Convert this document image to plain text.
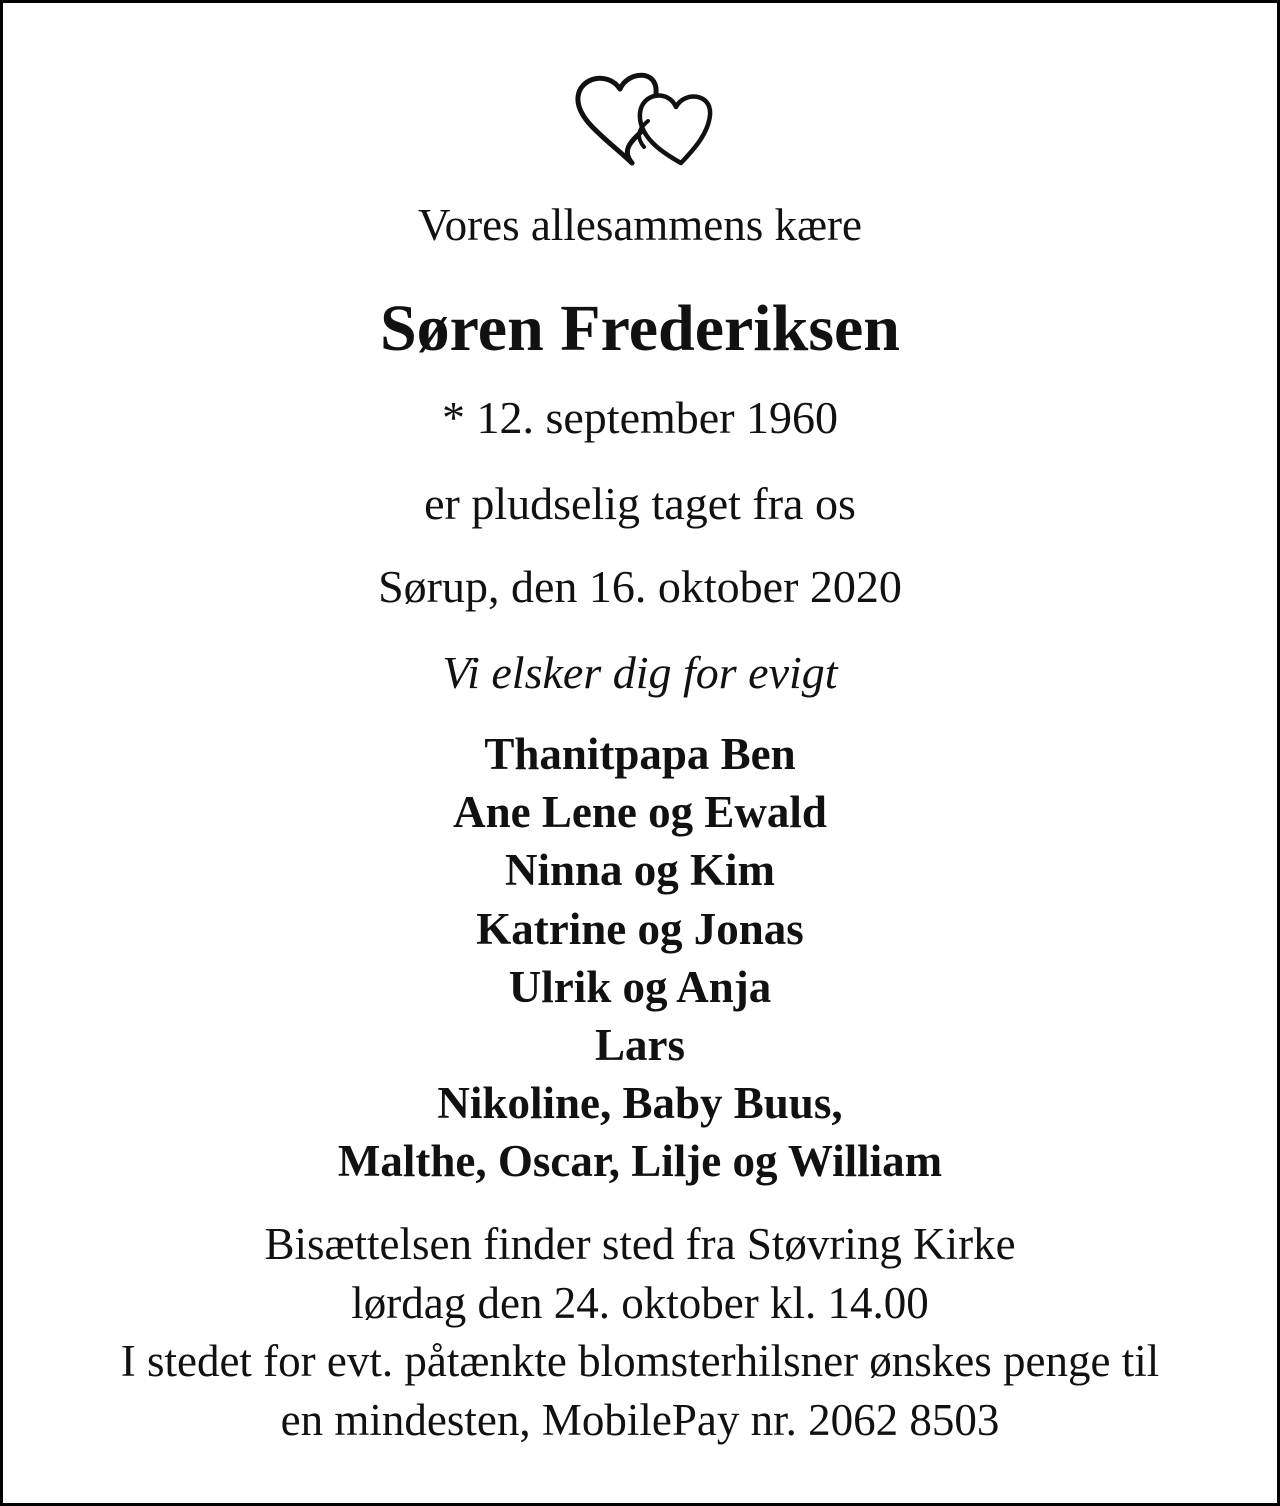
Vores allesammens kære
Søren Frederiksen
* 12. september 1960
er pludselig taget fra os
Sørup, den 16. oktober 2020
Vi elsker dig for evigt
Thanitpapa Ben
Ane Lene og Ewald
Ninna og Kim
Katrine og Jonas
Ulrik og Anja
Lars
Nikoline, Baby Buus,
Malthe, Oscar, Lilje og William
Bisættelsen finder sted fra Støvring Kirke
lørdag den 24. oktober kl. 14.00
I stedet for evt. påtænkte blomsterhilsner ønskes penge til
en mindesten, MobilePay nr. 2062 8503
